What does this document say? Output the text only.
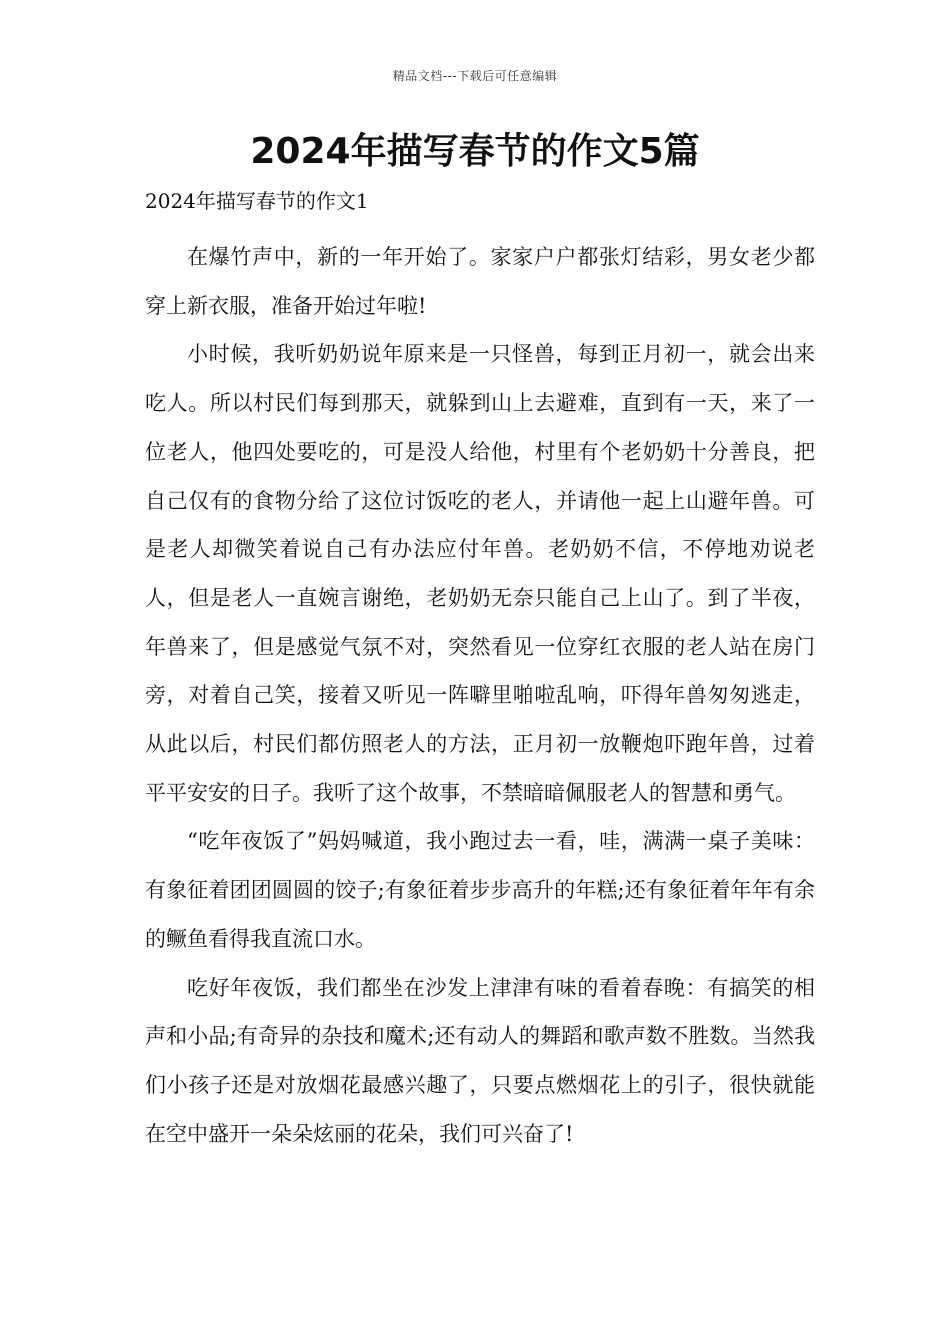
精品文档---下载后可任意编辑
2024年描写春节的作文5篇
2024年描写春节的作文1

在爆竹声中，新的一年开始了。家家户户都张灯结彩，男女老少都穿上新衣服，准备开始过年啦!

小时候，我听奶奶说年原来是一只怪兽，每到正月初一，就会出来吃人。所以村民们每到那天，就躲到山上去避难，直到有一天，来了一位老人，他四处要吃的，可是没人给他，村里有个老奶奶十分善良，把自己仅有的食物分给了这位讨饭吃的老人，并请他一起上山避年兽。可是老人却微笑着说自己有办法应付年兽。老奶奶不信，不停地劝说老人，但是老人一直婉言谢绝，老奶奶无奈只能自己上山了。到了半夜，年兽来了，但是感觉气氛不对，突然看见一位穿红衣服的老人站在房门旁，对着自己笑，接着又听见一阵噼里啪啦乱响，吓得年兽匆匆逃走，从此以后，村民们都仿照老人的方法，正月初一放鞭炮吓跑年兽，过着平平安安的日子。我听了这个故事，不禁暗暗佩服老人的智慧和勇气。

“吃年夜饭了”妈妈喊道，我小跑过去一看，哇，满满一桌子美味：有象征着团团圆圆的饺子;有象征着步步高升的年糕;还有象征着年年有余的鳜鱼看得我直流口水。

吃好年夜饭，我们都坐在沙发上津津有味的看着春晚：有搞笑的相声和小品;有奇异的杂技和魔术;还有动人的舞蹈和歌声数不胜数。当然我们小孩子还是对放烟花最感兴趣了，只要点燃烟花上的引子，很快就能在空中盛开一朵朵炫丽的花朵，我们可兴奋了!
